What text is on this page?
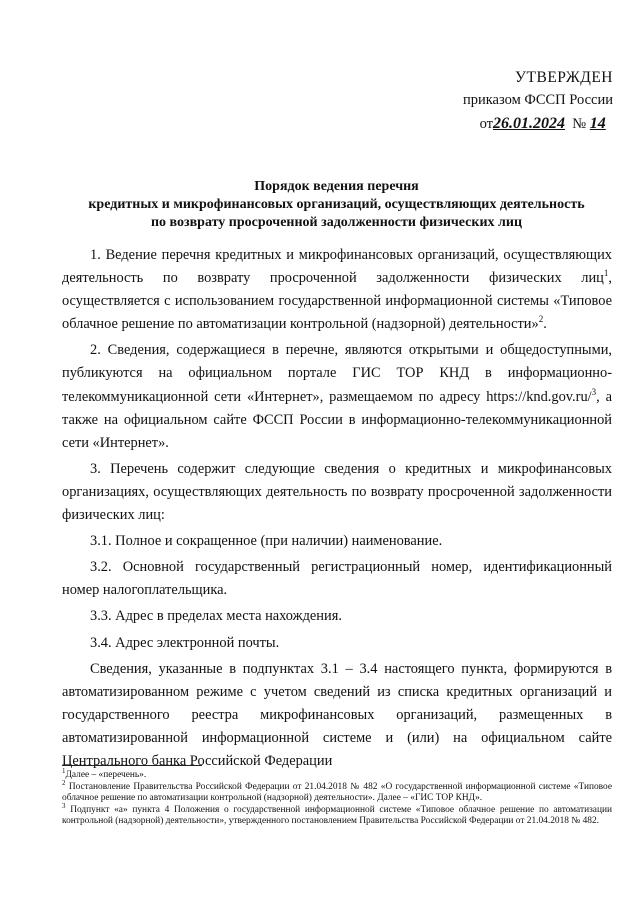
УТВЕРЖДЕН
приказом ФССП России
от26.01.2024 № 14
Порядок ведения перечня
кредитных и микрофинансовых организаций, осуществляющих деятельность
по возврату просроченной задолженности физических лиц

1. Ведение перечня кредитных и микрофинансовых организаций, осуществляющих деятельность по возврату просроченной задолженности физических лиц$^1$, осуществляется с использованием государственной информационной системы «Типовое облачное решение по автоматизации контрольной (надзорной) деятельности»$^2$.

2. Сведения, содержащиеся в перечне, являются открытыми и общедоступными, публикуются на официальном портале ГИС ТОР КНД в информационно-телекоммуникационной сети «Интернет», размещаемом по адресу https://knd.gov.ru/$^3$, а также на официальном сайте ФССП России в информационно-телекоммуникационной сети «Интернет».

3. Перечень содержит следующие сведения о кредитных и микрофинансовых организациях, осуществляющих деятельность по возврату просроченной задолженности физических лиц:

3.1. Полное и сокращенное (при наличии) наименование.

3.2. Основной государственный регистрационный номер, идентификационный номер налогоплательщика.

3.3. Адрес в пределах места нахождения.

3.4. Адрес электронной почты.

Сведения, указанные в подпунктах 3.1 – 3.4 настоящего пункта, формируются в автоматизированном режиме с учетом сведений из списка кредитных организаций и государственного реестра микрофинансовых организаций, размещенных в автоматизированной информационной системе и (или) на официальном сайте Центрального банка Российской Федерации

$^1$Далее – «перечень».
$^2$ Постановление Правительства Российской Федерации от 21.04.2018 № 482 «О государственной информационной системе «Типовое облачное решение по автоматизации контрольной (надзорной) деятельности». Далее – «ГИС ТОР КНД».
$^3$ Подпункт «а» пункта 4 Положения о государственной информационной системе «Типовое облачное решение по автоматизации контрольной (надзорной) деятельности», утвержденного постановлением Правительства Российской Федерации от 21.04.2018 № 482.
